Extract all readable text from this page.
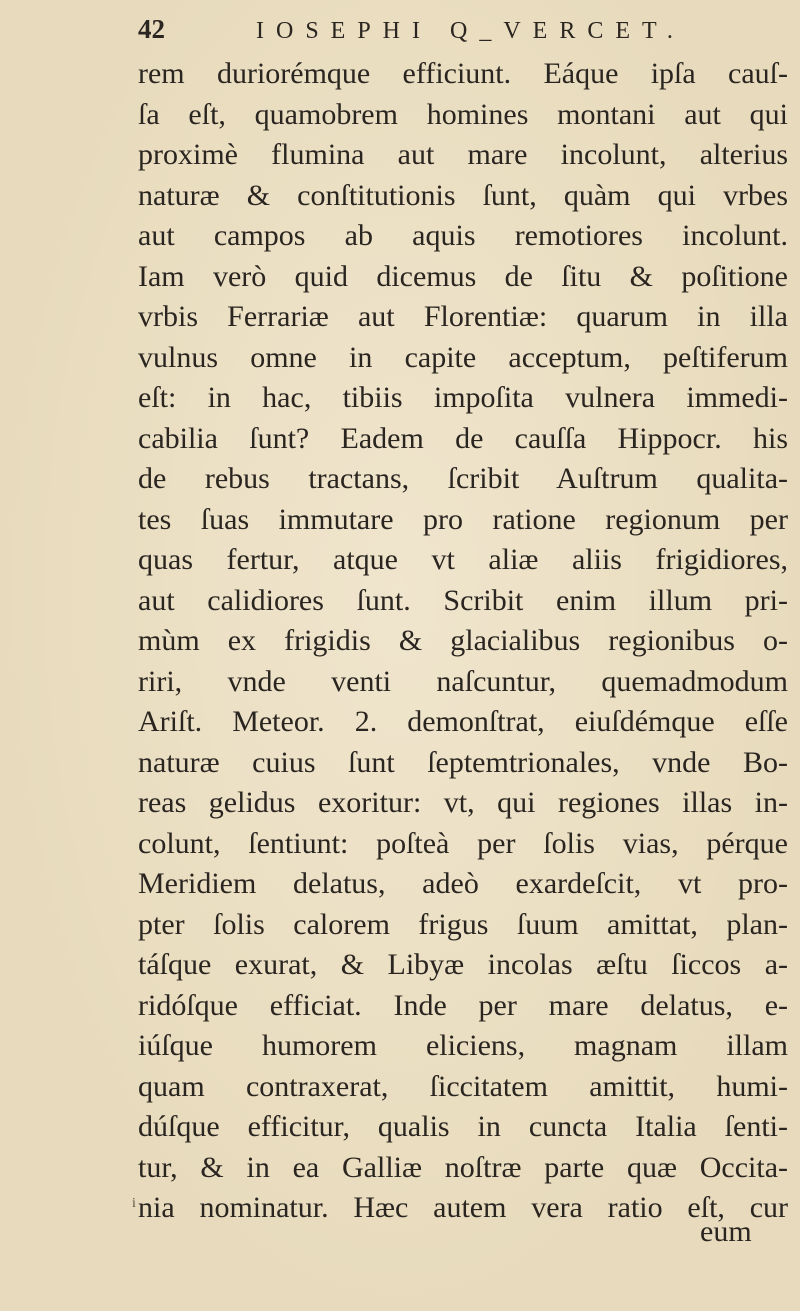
42	IOSEPHI Q_VERCET.
rem duriorémque efficiunt. Eáque ipſa cauſ-
ſa eſt, quamobrem homines montani aut qui
proximè flumina aut mare incolunt, alterius
naturæ & conſtitutionis ſunt, quàm qui vrbes
aut campos ab aquis remotiores incolunt.
Iam verò quid dicemus de ſitu & poſitione
vrbis Ferrariæ aut Florentiæ: quarum in illa
vulnus omne in capite acceptum, peſtiferum
eſt: in hac, tibiis impoſita vulnera immedi-
cabilia ſunt? Eadem de cauſſa Hippocr. his
de rebus tractans, ſcribit Auſtrum qualita-
tes ſuas immutare pro ratione regionum per
quas fertur, atque vt aliæ aliis frigidiores,
aut calidiores ſunt. Scribit enim illum pri-
mùm ex frigidis & glacialibus regionibus o-
riri, vnde venti naſcuntur, quemadmodum
Ariſt. Meteor. 2. demonſtrat, eiuſdémque eſſe
naturæ cuius ſunt ſeptemtrionales, vnde Bo-
reas gelidus exoritur: vt, qui regiones illas in-
colunt, ſentiunt: poſteà per ſolis vias, pérque
Meridiem delatus, adeò exardeſcit, vt pro-
pter ſolis calorem frigus ſuum amittat, plan-
táſque exurat, & Libyæ incolas æſtu ſiccos a-
ridóſque efficiat. Inde per mare delatus, e-
iúſque humorem eliciens, magnam illam
quam contraxerat, ſiccitatem amittit, humi-
dúſque efficitur, qualis in cuncta Italia ſenti-
tur, & in ea Galliæ noſtræ parte quæ Occita-
nia nominatur. Hæc autem vera ratio eſt, cur
i
eum
